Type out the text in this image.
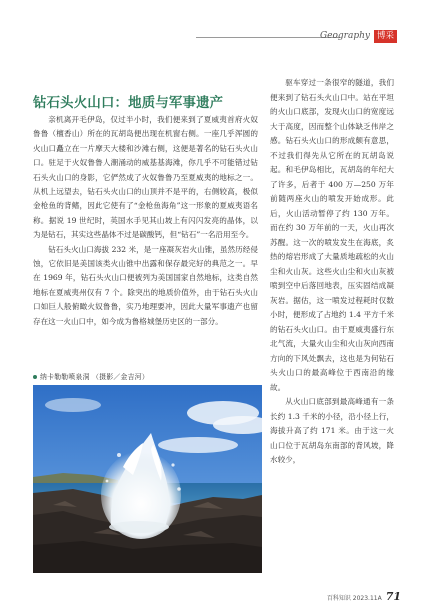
Geography 博采
钻石头火山口：地质与军事遗产

亲机离开毛伊岛，仅过半小时，我们便来到了夏威夷首府火奴鲁鲁（檀香山）所在的瓦胡岛便出现在机窗右侧。一座几乎浑圆的火山口矗立在一片摩天大楼和沙滩右侧，这便是著名的钻石头火山口。驻足于火奴鲁鲁人潮涌动的威基基海滩，你几乎不可能错过钻石头火山口的身影，它俨然成了火奴鲁鲁乃至夏威夷的地标之一。从机上远望去，钻石头火山口的山顶并不是平的，右侧较高，极似金枪鱼的背鳍，因此它使有了“金枪鱼海角”这一形象的夏威夷语名称。据说 19 世纪时，英国水手见其山坡上有闪闪发亮的晶体，以为是钻石，其实这些晶体不过是碳酸钙，但“钻石”一名沿用至今。

钻石头火山口海拔 232 米，是一座凝灰岩火山锥，虽然历经侵蚀，它依旧是美国该类火山锥中出露和保存最完好的典范之一。早在 1969 年，钻石头火山口便被列为美国国家自然地标，这类自然地标在夏威夷州仅有 7 个。除突出的地质价值外，由于钻石头火山口如巨人般俯瞰火奴鲁鲁，实乃地理要冲，因此大量军事遗产也留存在这一火山口中，如今成为鲁格城堡历史区的一部分。

纳卡勒勒喷泉洞 （摄影／金吉河）

驱车穿过一条很窄的隧道，我们便来到了钻石头火山口中。站在平坦的火山口底部，发现火山口的宽度远大于高度，因而整个山体缺乏伟岸之感。钻石头火山口的形成颇有意思，不过我们得先从它所在的瓦胡岛说起。和毛伊岛相比，瓦胡岛的年纪大了许多，后者于 400 万—250 万年前随两座火山的喷发开始成形。此后，火山活动暂停了约 130 万年。而在约 30 万年前的一天，火山再次苏醒。这一次的喷发发生在海底，炙热的熔岩形成了大量质地疏松的火山尘和火山灰。这些火山尘和火山灰被喷到空中后落回地表，压实固结成凝灰岩。据估，这一喷发过程耗时仅数小时，便形成了占地约 1.4 平方千米的钻石头火山口。由于夏威夷盛行东北气流，大量火山尘和火山灰向西南方向的下风处飘去，这也是为何钻石头火山口的最高峰位于西南沿的缘故。

从火山口底部到最高峰通有一条长约 1.3 千米的小径，沿小径上行，海拔升高了约 171 米。由于这一火山口位于瓦胡岛东南部的背风坡，降水较少，

百科知识 2023.11A 71
